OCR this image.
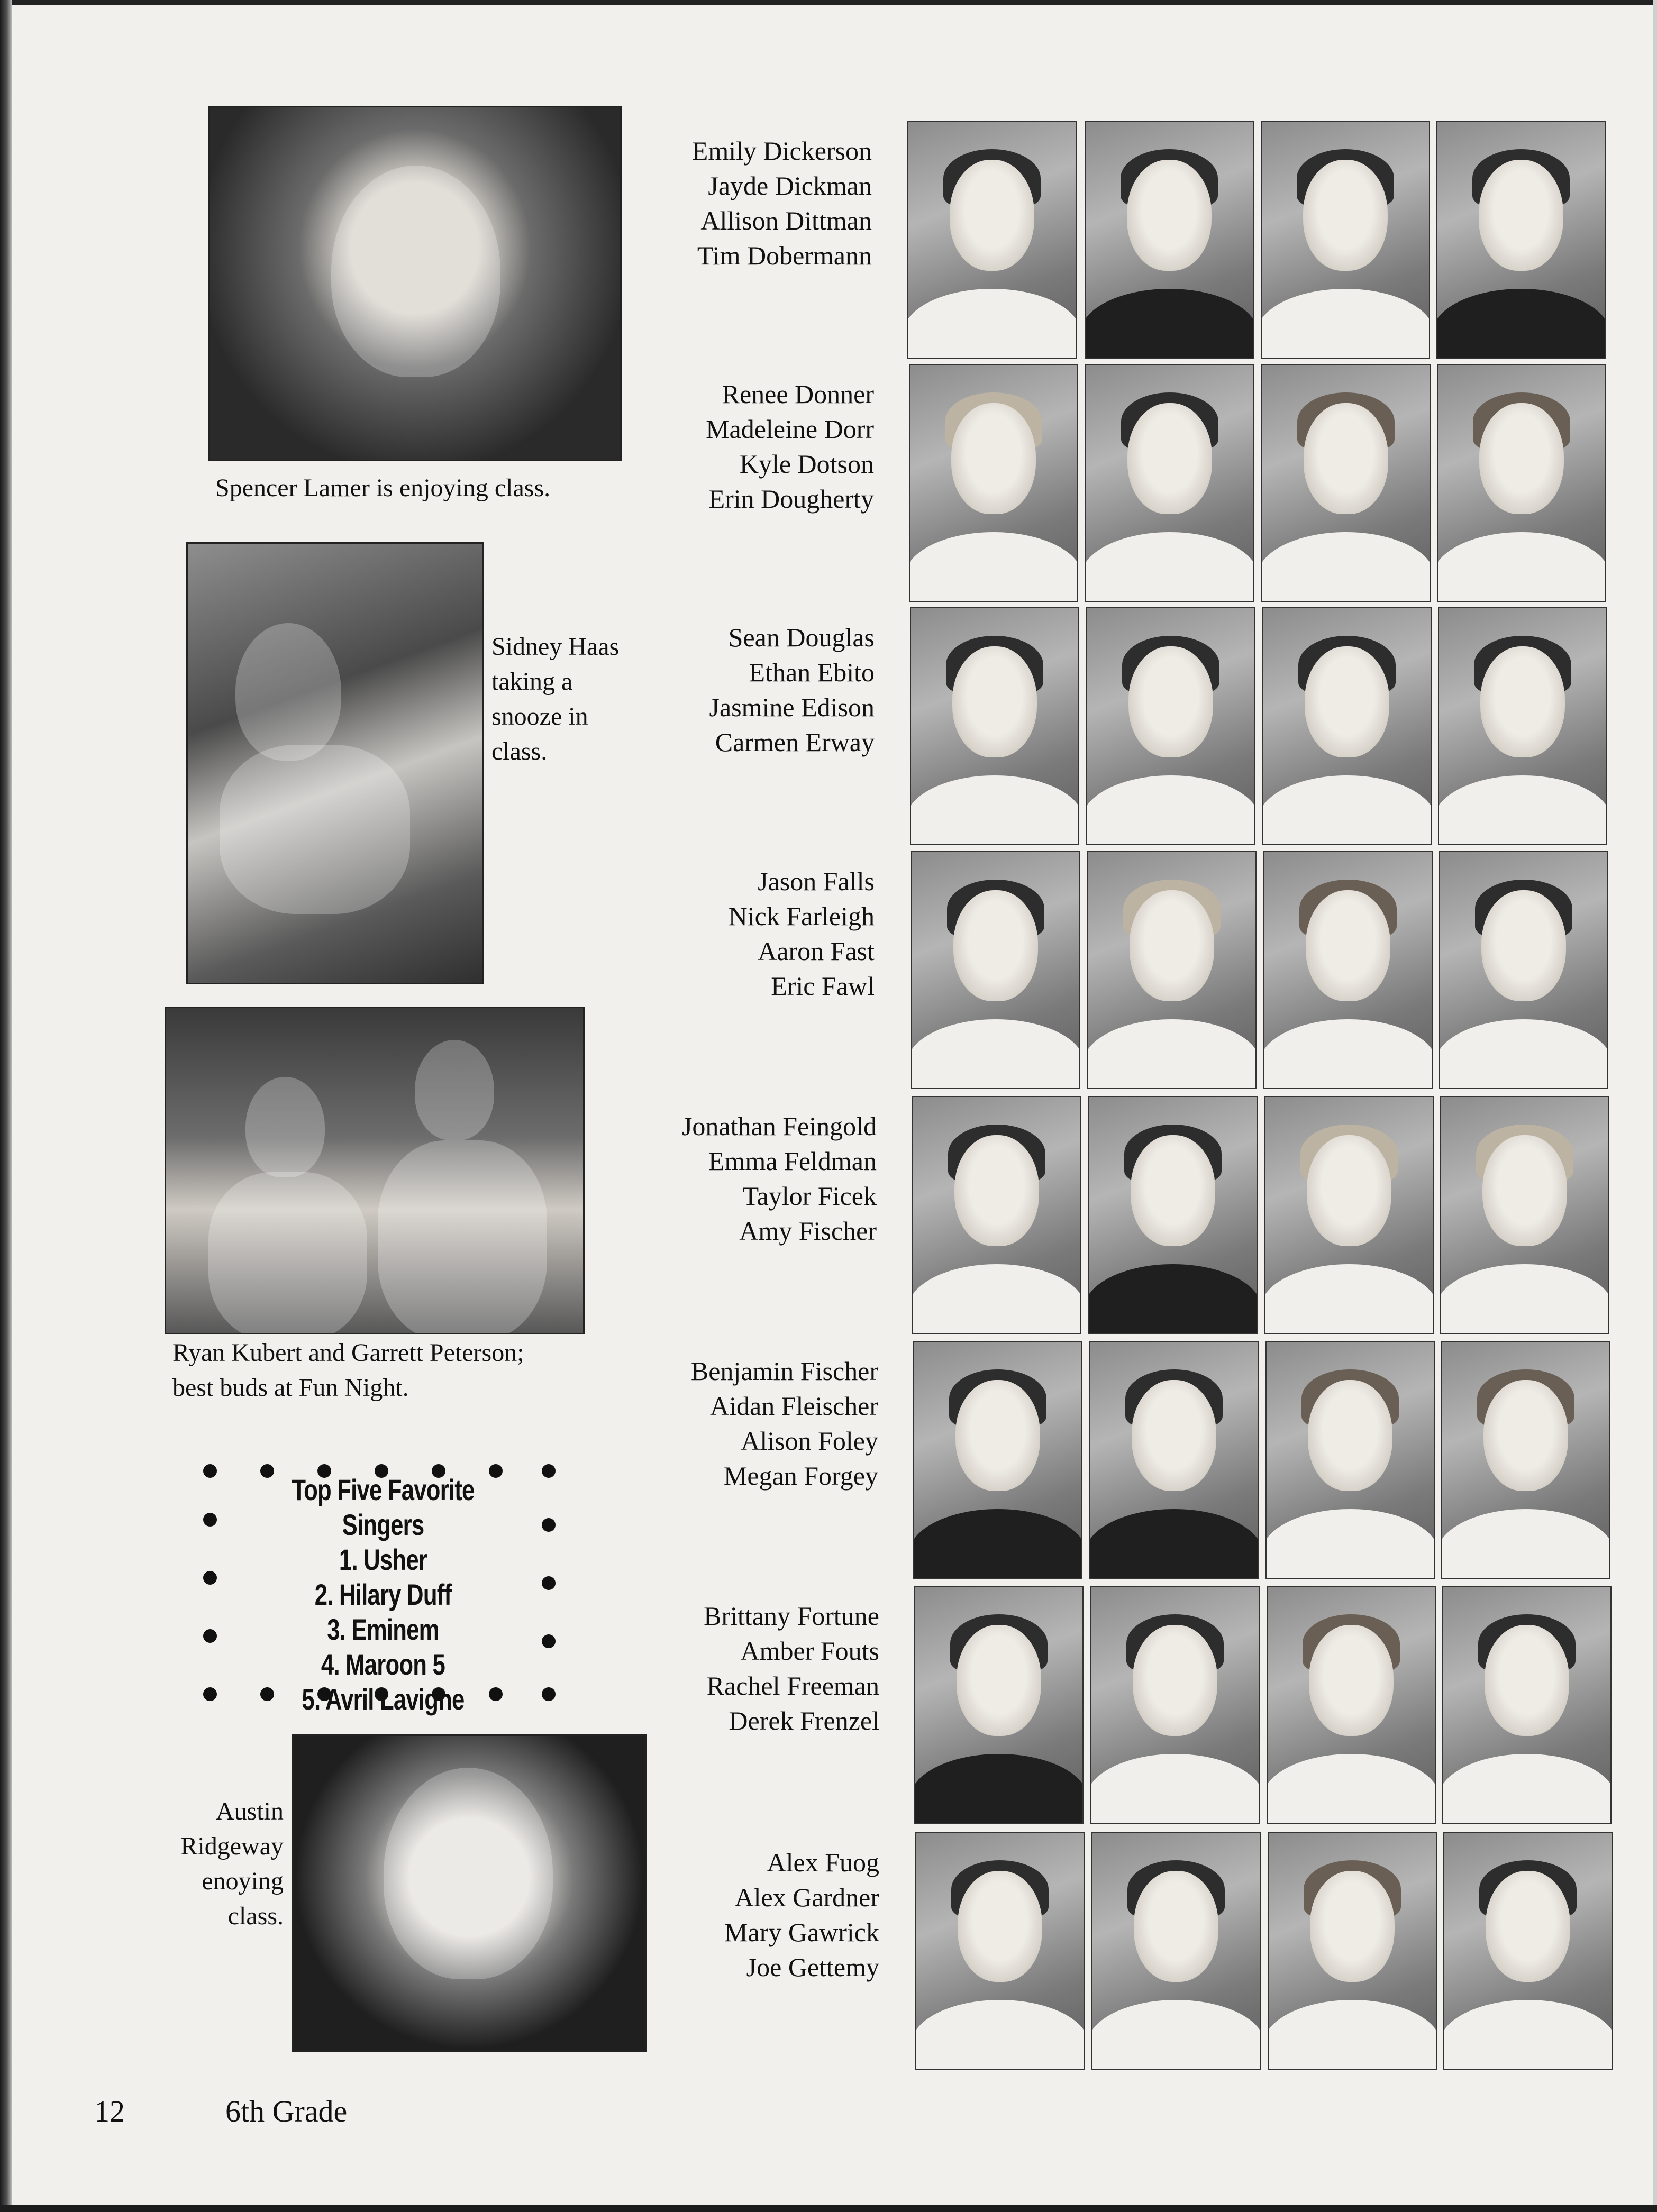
Spencer Lamer is enjoying class.
Sidney Haas
taking a
snooze in
class.
Ryan Kubert and Garrett Peterson;
best buds at Fun Night.
Top Five Favorite Singers
1. Usher
2. Hilary Duff
3. Eminem
4. Maroon 5
5. Avril Lavigne
Austin
Ridgeway
enoying
class.
Emily Dickerson
Jayde Dickman
Allison Dittman
Tim Dobermann
Renee Donner
Madeleine Dorr
Kyle Dotson
Erin Dougherty
Sean Douglas
Ethan Ebito
Jasmine Edison
Carmen Erway
Jason Falls
Nick Farleigh
Aaron Fast
Eric Fawl
Jonathan Feingold
Emma Feldman
Taylor Ficek
Amy Fischer
Benjamin Fischer
Aidan Fleischer
Alison Foley
Megan Forgey
Brittany Fortune
Amber Fouts
Rachel Freeman
Derek Frenzel
Alex Fuog
Alex Gardner
Mary Gawrick
Joe Gettemy
12	6th Grade
